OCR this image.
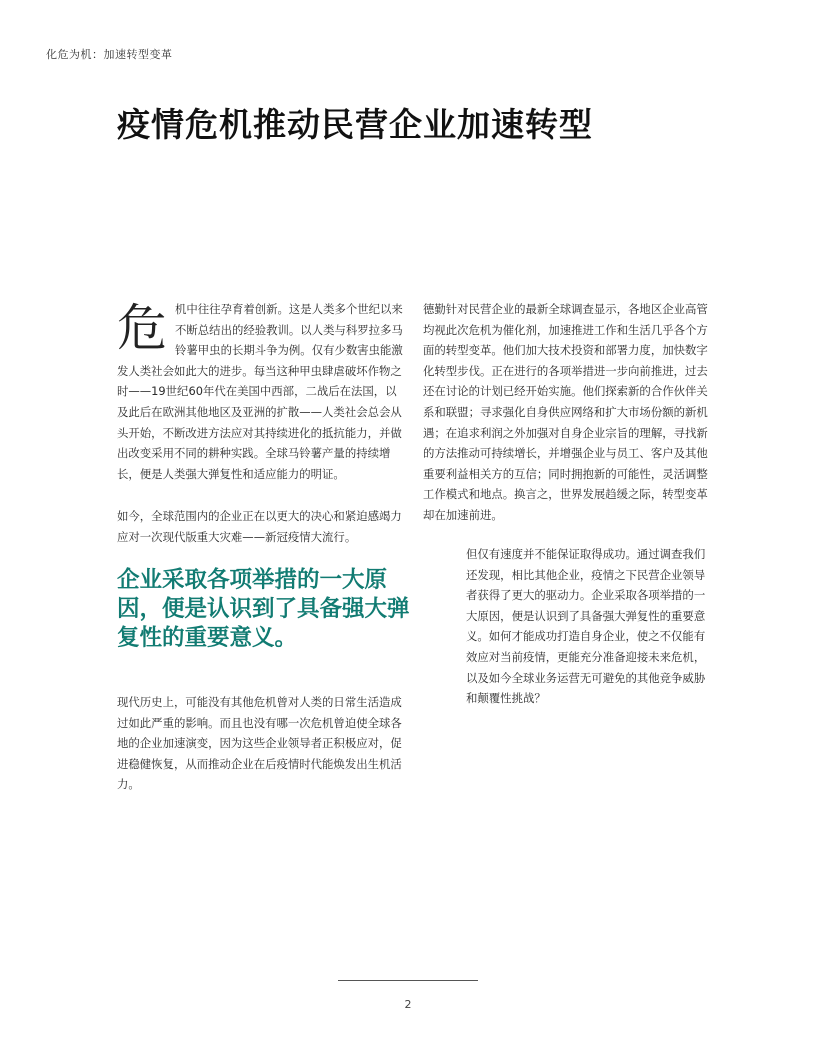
化危为机：加速转型变革
疫情危机推动民营企业加速转型
危机中往往孕育着创新。这是人类多个世纪以来不断总结出的经验教训。以人类与科罗拉多马铃薯甲虫的长期斗争为例。仅有少数害虫能激发人类社会如此大的进步。每当这种甲虫肆虐破坏作物之时——19世纪60年代在美国中西部，二战后在法国，以及此后在欧洲其他地区及亚洲的扩散——人类社会总会从头开始，不断改进方法应对其持续进化的抵抗能力，并做出改变采用不同的耕种实践。全球马铃薯产量的持续增长，便是人类强大弹复性和适应能力的明证。
如今，全球范围内的企业正在以更大的决心和紧迫感竭力应对一次现代版重大灾难——新冠疫情大流行。
企业采取各项举措的一大原因，便是认识到了具备强大弹复性的重要意义。
现代历史上，可能没有其他危机曾对人类的日常生活造成过如此严重的影响。而且也没有哪一次危机曾迫使全球各地的企业加速演变，因为这些企业领导者正积极应对，促进稳健恢复，从而推动企业在后疫情时代能焕发出生机活力。
德勤针对民营企业的最新全球调查显示，各地区企业高管均视此次危机为催化剂，加速推进工作和生活几乎各个方面的转型变革。他们加大技术投资和部署力度，加快数字化转型步伐。正在进行的各项举措进一步向前推进，过去还在讨论的计划已经开始实施。他们探索新的合作伙伴关系和联盟；寻求强化自身供应网络和扩大市场份额的新机遇；在追求利润之外加强对自身企业宗旨的理解，寻找新的方法推动可持续增长，并增强企业与员工、客户及其他重要利益相关方的互信；同时拥抱新的可能性，灵活调整工作模式和地点。换言之，世界发展趋缓之际，转型变革却在加速前进。
但仅有速度并不能保证取得成功。通过调查我们还发现，相比其他企业，疫情之下民营企业领导者获得了更大的驱动力。企业采取各项举措的一大原因，便是认识到了具备强大弹复性的重要意义。如何才能成功打造自身企业，使之不仅能有效应对当前疫情，更能充分准备迎接未来危机，以及如今全球业务运营无可避免的其他竞争威胁和颠覆性挑战？
2
